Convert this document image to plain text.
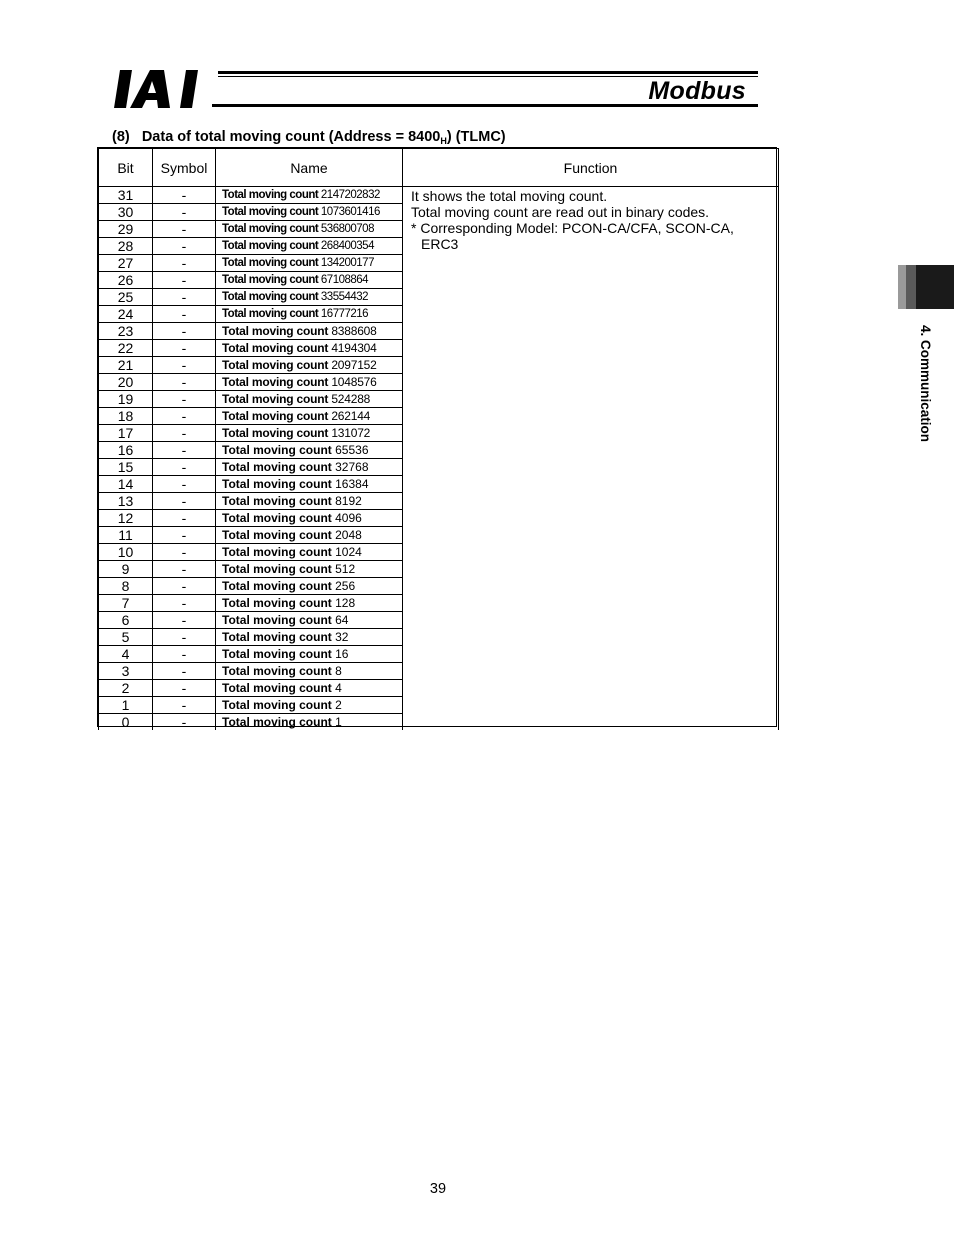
Modbus
(8) Data of total moving count (Address = $8400_H$) (TLMC)
Bit	Symbol	Name	Function
31	-	Total moving count 2147202832	It shows the total moving count.
Total moving count are read out in binary codes.
* Corresponding Model: PCON-CA/CFA, SCON-CA,
ERC3

30	-	Total moving count 1073601416	
29	-	Total moving count 536800708	
28	-	Total moving count 268400354	
27	-	Total moving count 134200177	
26	-	Total moving count 67108864	
25	-	Total moving count 33554432	
24	-	Total moving count 16777216	
23	-	Total moving count 8388608	
22	-	Total moving count 4194304	
21	-	Total moving count 2097152	
20	-	Total moving count 1048576	
19	-	Total moving count 524288	
18	-	Total moving count 262144	
17	-	Total moving count 131072	
16	-	Total moving count 65536	
15	-	Total moving count 32768	
14	-	Total moving count 16384	
13	-	Total moving count 8192	
12	-	Total moving count 4096	
11	-	Total moving count 2048	
10	-	Total moving count 1024	
9	-	Total moving count 512	
8	-	Total moving count 256	
7	-	Total moving count 128	
6	-	Total moving count 64	
5	-	Total moving count 32	
4	-	Total moving count 16	
3	-	Total moving count 8	
2	-	Total moving count 4	
1	-	Total moving count 2	
0	-	Total moving count 1	
4. Communication
39
